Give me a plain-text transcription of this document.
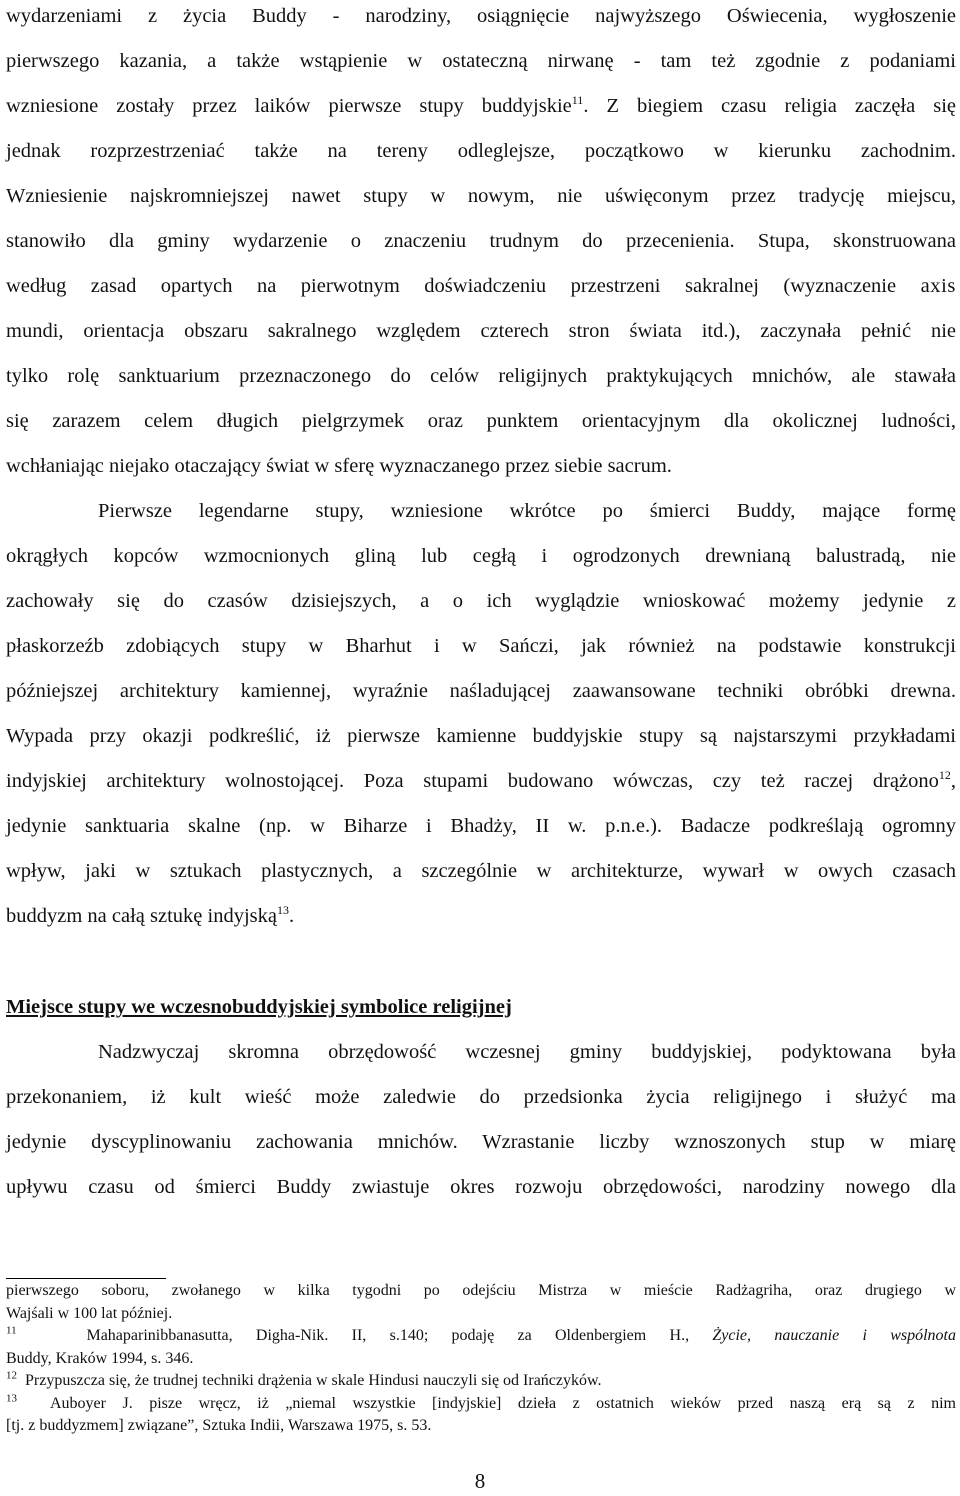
wydarzeniami z życia Buddy - narodziny, osiągnięcie najwyższego Oświecenia, wygłoszenie
pierwszego kazania, a także wstąpienie w ostateczną nirwanę - tam też zgodnie z podaniami
wzniesione zostały przez laików pierwsze stupy buddyjskie$^{11}$. Z biegiem czasu religia zaczęła się
jednak rozprzestrzeniać także na tereny odleglejsze, początkowo w kierunku zachodnim.
Wzniesienie najskromniejszej nawet stupy w nowym, nie uświęconym przez tradycję miejscu,
stanowiło dla gminy wydarzenie o znaczeniu trudnym do przecenienia. Stupa, skonstruowana
według zasad opartych na pierwotnym doświadczeniu przestrzeni sakralnej (wyznaczenie axis
mundi, orientacja obszaru sakralnego względem czterech stron świata itd.), zaczynała pełnić nie
tylko rolę sanktuarium przeznaczonego do celów religijnych praktykujących mnichów, ale stawała
się zarazem celem długich pielgrzymek oraz punktem orientacyjnym dla okolicznej ludności,
wchłaniając niejako otaczający świat w sferę wyznaczanego przez siebie sacrum.
Pierwsze legendarne stupy, wzniesione wkrótce po śmierci Buddy, mające formę
okrągłych kopców wzmocnionych gliną lub cegłą i ogrodzonych drewnianą balustradą, nie
zachowały się do czasów dzisiejszych, a o ich wyglądzie wnioskować możemy jedynie z
płaskorzeźb zdobiących stupy w Bharhut i w Sańczi, jak również na podstawie konstrukcji
późniejszej architektury kamiennej, wyraźnie naśladującej zaawansowane techniki obróbki drewna.
Wypada przy okazji podkreślić, iż pierwsze kamienne buddyjskie stupy są najstarszymi przykładami
indyjskiej architektury wolnostojącej. Poza stupami budowano wówczas, czy też raczej drążono$^{12}$,
jedynie sanktuaria skalne (np. w Biharze i Bhadży, II w. p.n.e.). Badacze podkreślają ogromny
wpływ, jaki w sztukach plastycznych, a szczególnie w architekturze, wywarł w owych czasach
buddyzm na całą sztukę indyjską$^{13}$.
Miejsce stupy we wczesnobuddyjskiej symbolice religijnej
Nadzwyczaj skromna obrzędowość wczesnej gminy buddyjskiej, podyktowana była
przekonaniem, iż kult wieść może zaledwie do przedsionka życia religijnego i służyć ma
jedynie dyscyplinowaniu zachowania mnichów. Wzrastanie liczby wznoszonych stup w miarę
upływu czasu od śmierci Buddy zwiastuje okres rozwoju obrzędowości, narodziny nowego dla
pierwszego soboru, zwołanego w kilka tygodni po odejściu Mistrza w mieście Radżagriha, oraz drugiego w
Wajśali w 100 lat później.
$^{11}$	Mahaparinibbanasutta, Digha-Nik. II, s.140; podaję za Oldenbergiem H., Życie, nauczanie i wspólnota
Buddy, Kraków 1994, s. 346.
$^{12}$ Przypuszcza się, że trudnej techniki drążenia w skale Hindusi nauczyli się od Irańczyków.
$^{13}$ Auboyer J. pisze wręcz, iż „niemal wszystkie [indyjskie] dzieła z ostatnich wieków przed naszą erą są z nim
[tj. z buddyzmem] związane”, Sztuka Indii, Warszawa 1975, s. 53.
8
